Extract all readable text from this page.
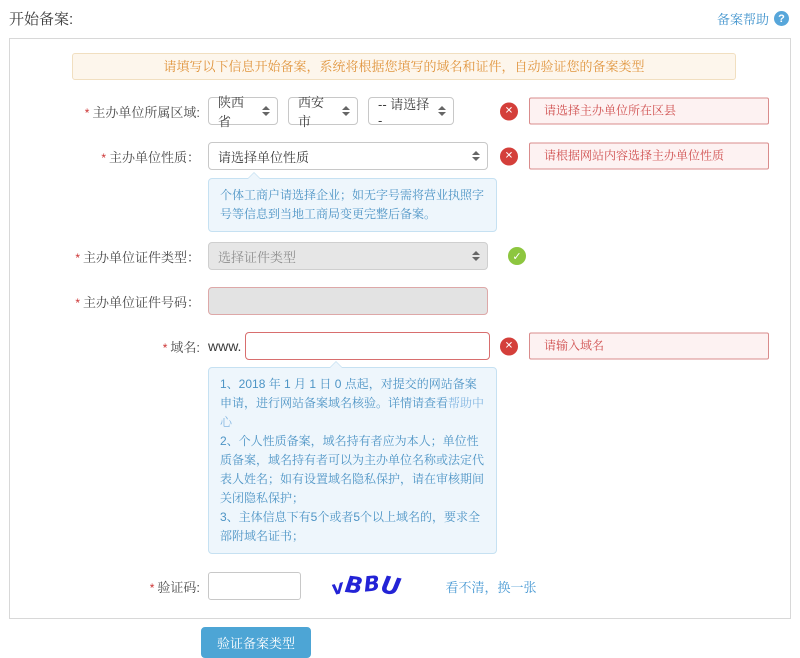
开始备案:	备案帮助 ?
请填写以下信息开始备案，系统将根据您填写的域名和证件，自动验证您的备案类型
* 主办单位所属区域:
陕西省
西安市
-- 请选择 -
✕	请选择主办单位所在区县
* 主办单位性质： 请选择单位性质	✕	请根据网站内容选择主办单位性质

个体工商户请选择企业；如无字号需将营业执照字号等信息到当地工商局变更完整后备案。

* 主办单位证件类型： 选择证件类型	✓
* 主办单位证件号码：
* 域名: www.	✕	请输入域名

1、2018 年 1 月 1 日 0 点起，对提交的网站备案申请，进行网站备案域名核验。详情请查看帮助中心

2、个人性质备案，域名持有者应为本人；单位性质备案，域名持有者可以为主办单位名称或法定代表人姓名；如有设置域名隐私保护，请在审核期间关闭隐私保护；

3、主体信息下有5个或者5个以上域名的，要求全部附域名证书；

* 验证码:	v
B
B
U	看不清，换一张
验证备案类型
